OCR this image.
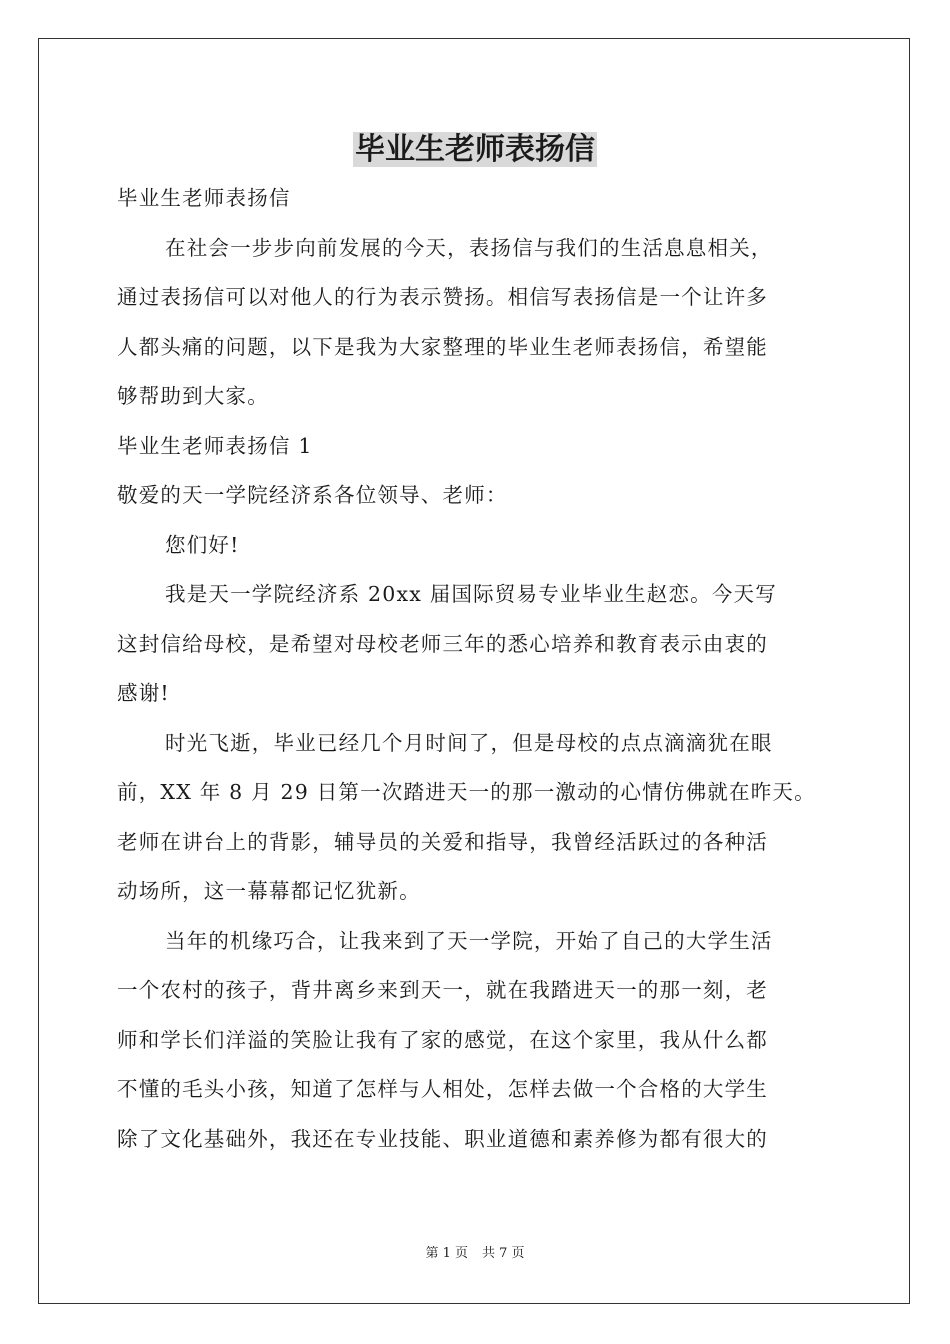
毕业生老师表扬信
毕业生老师表扬信
在社会一步步向前发展的今天，表扬信与我们的生活息息相关，
通过表扬信可以对他人的行为表示赞扬。相信写表扬信是一个让许多
人都头痛的问题，以下是我为大家整理的毕业生老师表扬信，希望能
够帮助到大家。
毕业生老师表扬信 1
敬爱的天一学院经济系各位领导、老师：
您们好!
我是天一学院经济系 20xx 届国际贸易专业毕业生赵恋。今天写
这封信给母校，是希望对母校老师三年的悉心培养和教育表示由衷的
感谢!
时光飞逝，毕业已经几个月时间了，但是母校的点点滴滴犹在眼
前，XX 年 8 月 29 日第一次踏进天一的那一激动的心情仿佛就在昨天。
老师在讲台上的背影，辅导员的关爱和指导，我曾经活跃过的各种活
动场所，这一幕幕都记忆犹新。
当年的机缘巧合，让我来到了天一学院，开始了自己的大学生活
一个农村的孩子，背井离乡来到天一，就在我踏进天一的那一刻，老
师和学长们洋溢的笑脸让我有了家的感觉，在这个家里，我从什么都
不懂的毛头小孩，知道了怎样与人相处，怎样去做一个合格的大学生
除了文化基础外，我还在专业技能、职业道德和素养修为都有很大的
第 1 页 共 7 页
